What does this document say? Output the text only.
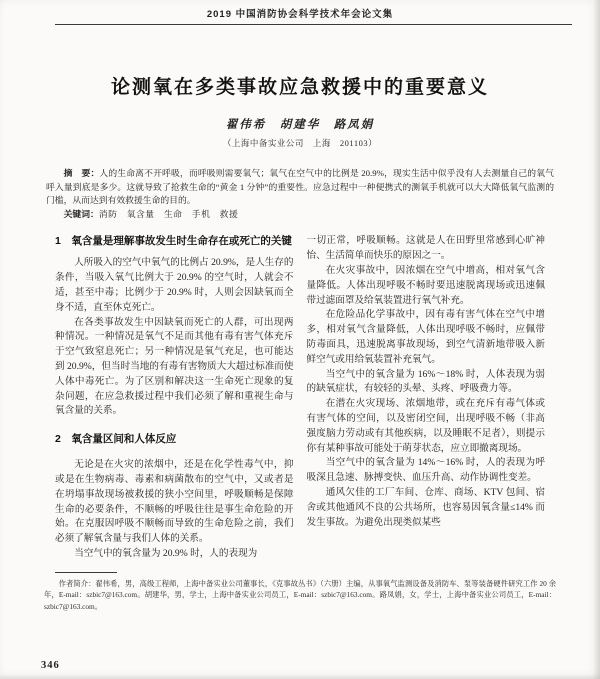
2019 中国消防协会科学技术年会论文集
论测氧在多类事故应急救援中的重要意义
翟伟希　胡建华　路凤娟
（上海中备实业公司　上海　201103）

摘　要：人的生命离不开呼吸，而呼吸则需要氧气；氧气在空气中的比例是 20.9%，现实生活中似乎没有人去测量自己的氧气呼入量到底是多少。这就导致了抢救生命的“黄金 1 分钟”的重要性。应急过程中一种便携式的测氧手机就可以大大降低氧气监测的门槛，从而达到有效救援生命的目的。

关键词：消防　氧含量　生命　手机　救援

1　氧含量是理解事故发生时生命存在或死亡的关键

人所吸入的空气中氧气的比例占 20.9%，是人生存的条件，当吸入氧气比例大于 20.9% 的空气时，人就会不适，甚至中毒；比例少于 20.9% 时，人则会因缺氧而全身不适，直至休克死亡。

在各类事故发生中因缺氧而死亡的人群，可出现两种情况。一种情况是氧气不足而其他有毒有害气体充斥于空气致窒息死亡；另一种情况是氧气充足，也可能达到 20.9%，但当时当地的有毒有害物质大大超过标准而使人体中毒死亡。为了区别和解决这一生命死亡现象的复杂问题，在应急救援过程中我们必须了解和重视生命与氧含量的关系。

2　氧含量区间和人体反应

无论是在火灾的浓烟中，还是在化学性毒气中，抑或是在生物病毒、毒素和病菌散布的空气中，又或者是在坍塌事故现场被救援的狭小空间里，呼吸顺畅是保障生命的必要条件，不顺畅的呼吸往往是事生命危险的开始。在克服因呼吸不顺畅而导致的生命危险之前，我们必须了解氧含量与我们人体的关系。

当空气中的氧含量为 20.9% 时，人的表现为

一切正常，呼吸顺畅。这就是人在田野里常感到心旷神怡、生活简单而快乐的原因之一。

在火灾事故中，因浓烟在空气中增高，相对氧气含量降低。人体出现呼吸不畅时要迅速脱离现场或迅速佩带过滤面罩及给氧装置进行氧气补充。

在危险品化学事故中，因有毒有害气体在空气中增多，相对氧气含量降低，人体出现呼吸不畅时，应佩带防毒面具，迅速脱离事故现场，到空气清新地带吸入新鲜空气或用给氧装置补充氧气。

当空气中的氧含量为 16%～18% 时，人体表现为弱的缺氧症状，有较轻的头晕、头疼、呼吸费力等。

在潜在火灾现场、浓烟地带，或在充斥有毒气体或有害气体的空间，以及密闭空间，出现呼吸不畅（非高强度脑力劳动或有其他疾病，以及睡眠不足者），则提示你有某种事故可能处于萌芽状态，应立即撤离现场。

当空气中的氧含量为 14%～16% 时，人的表现为呼吸深且急速、脉搏变快、血压升高、动作协调性变差。

通风欠佳的工厂车间、仓库、商场、KTV 包间、宿舍或其他通风不良的公共场所，也容易因氧含量≤14% 而发生事故。为避免出现类似某些

作者简介：翟伟希，男，高级工程师，上海中备实业公司董事长，《克事故丛书》（六册）主编，从事氧气监测设备及消防车、泵等装备硬件研究工作 20 余年，E-mail：szbic7@163.com。胡建华，男，学士，上海中备实业公司员工，E-mail：szbic7@163.com。路凤娟，女，学士，上海中备实业公司员工，E-mail：szbic7@163.com。

346
